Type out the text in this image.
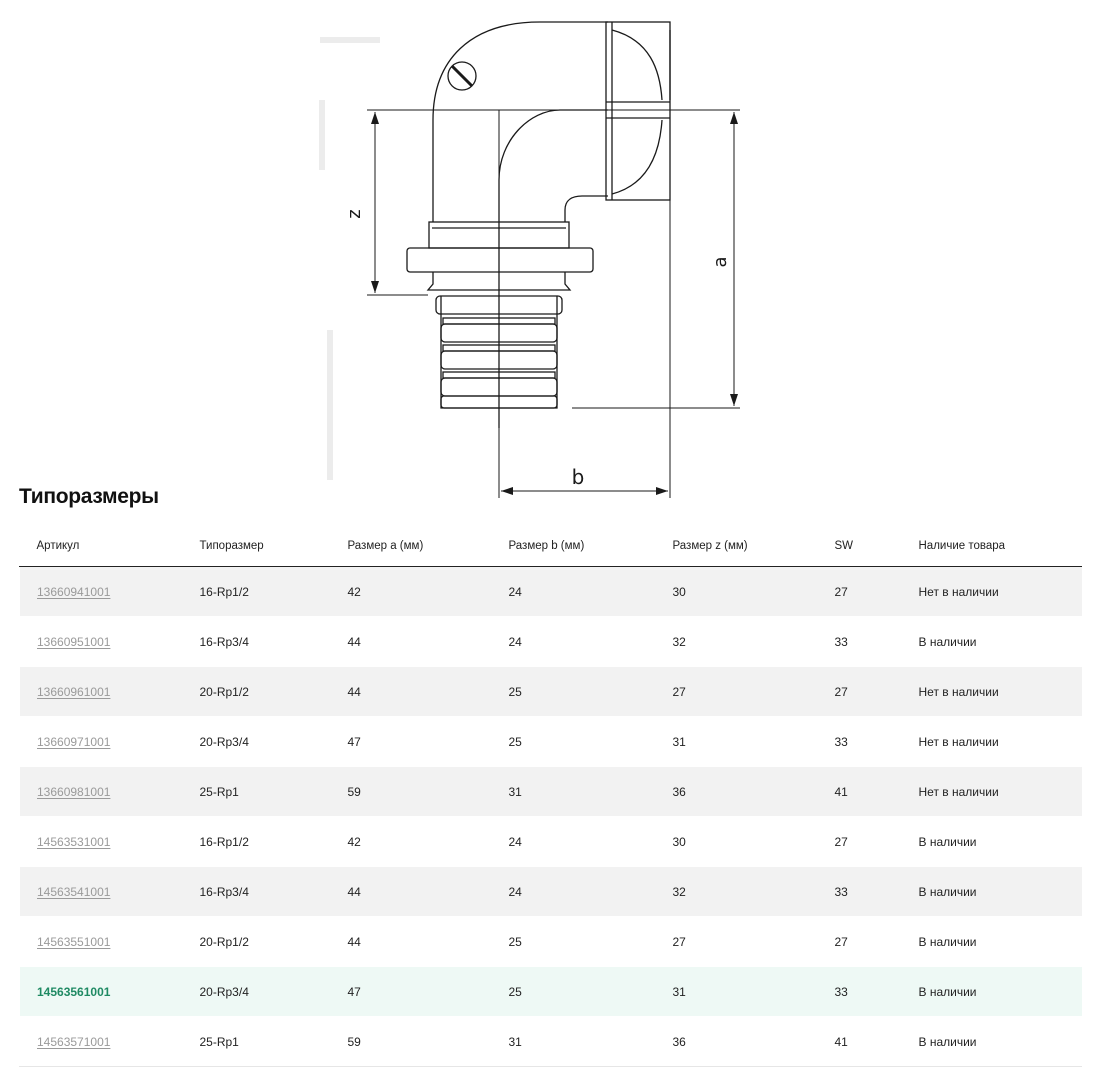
z
a
b
Типоразмеры
Артикул	Типоразмер	Размер a (мм)	Размер b (мм)	Размер z (мм)	SW	Наличие товара
13660941001	16-Rp1/2	42	24	30	27	Нет в наличии
13660951001	16-Rp3/4	44	24	32	33	В наличии
13660961001	20-Rp1/2	44	25	27	27	Нет в наличии
13660971001	20-Rp3/4	47	25	31	33	Нет в наличии
13660981001	25-Rp1	59	31	36	41	Нет в наличии
14563531001	16-Rp1/2	42	24	30	27	В наличии
14563541001	16-Rp3/4	44	24	32	33	В наличии
14563551001	20-Rp1/2	44	25	27	27	В наличии
14563561001	20-Rp3/4	47	25	31	33	В наличии
14563571001	25-Rp1	59	31	36	41	В наличии
